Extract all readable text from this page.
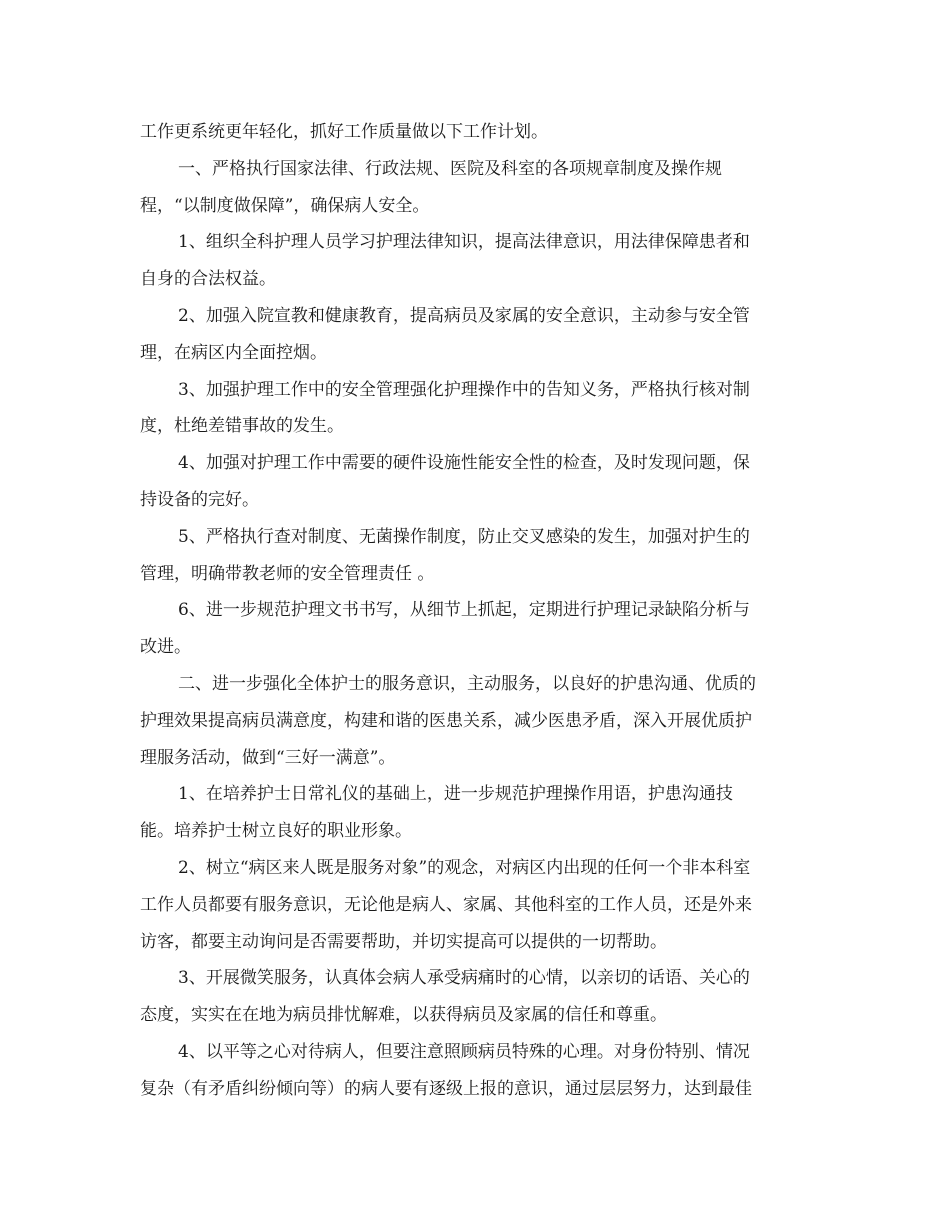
工作更系统更年轻化，抓好工作质量做以下工作计划。
一、严格执行国家法律、行政法规、医院及科室的各项规章制度及操作规
程，“以制度做保障”，确保病人安全。
1、组织全科护理人员学习护理法律知识，提高法律意识，用法律保障患者和
自身的合法权益。
2、加强入院宣教和健康教育，提高病员及家属的安全意识，主动参与安全管
理，在病区内全面控烟。
3、加强护理工作中的安全管理强化护理操作中的告知义务，严格执行核对制
度，杜绝差错事故的发生。
4、加强对护理工作中需要的硬件设施性能安全性的检查，及时发现问题，保
持设备的完好。
5、严格执行查对制度、无菌操作制度，防止交叉感染的发生，加强对护生的
管理，明确带教老师的安全管理责任 。
6、进一步规范护理文书书写，从细节上抓起，定期进行护理记录缺陷分析与
改进。
二、进一步强化全体护士的服务意识，主动服务，以良好的护患沟通、优质的
护理效果提高病员满意度，构建和谐的医患关系，减少医患矛盾，深入开展优质护
理服务活动，做到“三好一满意”。
1、在培养护士日常礼仪的基础上，进一步规范护理操作用语，护患沟通技
能。培养护士树立良好的职业形象。
2、树立“病区来人既是服务对象”的观念，对病区内出现的任何一个非本科室
工作人员都要有服务意识，无论他是病人、家属、其他科室的工作人员，还是外来
访客，都要主动询问是否需要帮助，并切实提高可以提供的一切帮助。
3、开展微笑服务，认真体会病人承受病痛时的心情，以亲切的话语、关心的
态度，实实在在地为病员排忧解难，以获得病员及家属的信任和尊重。
4、以平等之心对待病人，但要注意照顾病员特殊的心理。对身份特别、情况
复杂（有矛盾纠纷倾向等）的病人要有逐级上报的意识，通过层层努力，达到最佳
